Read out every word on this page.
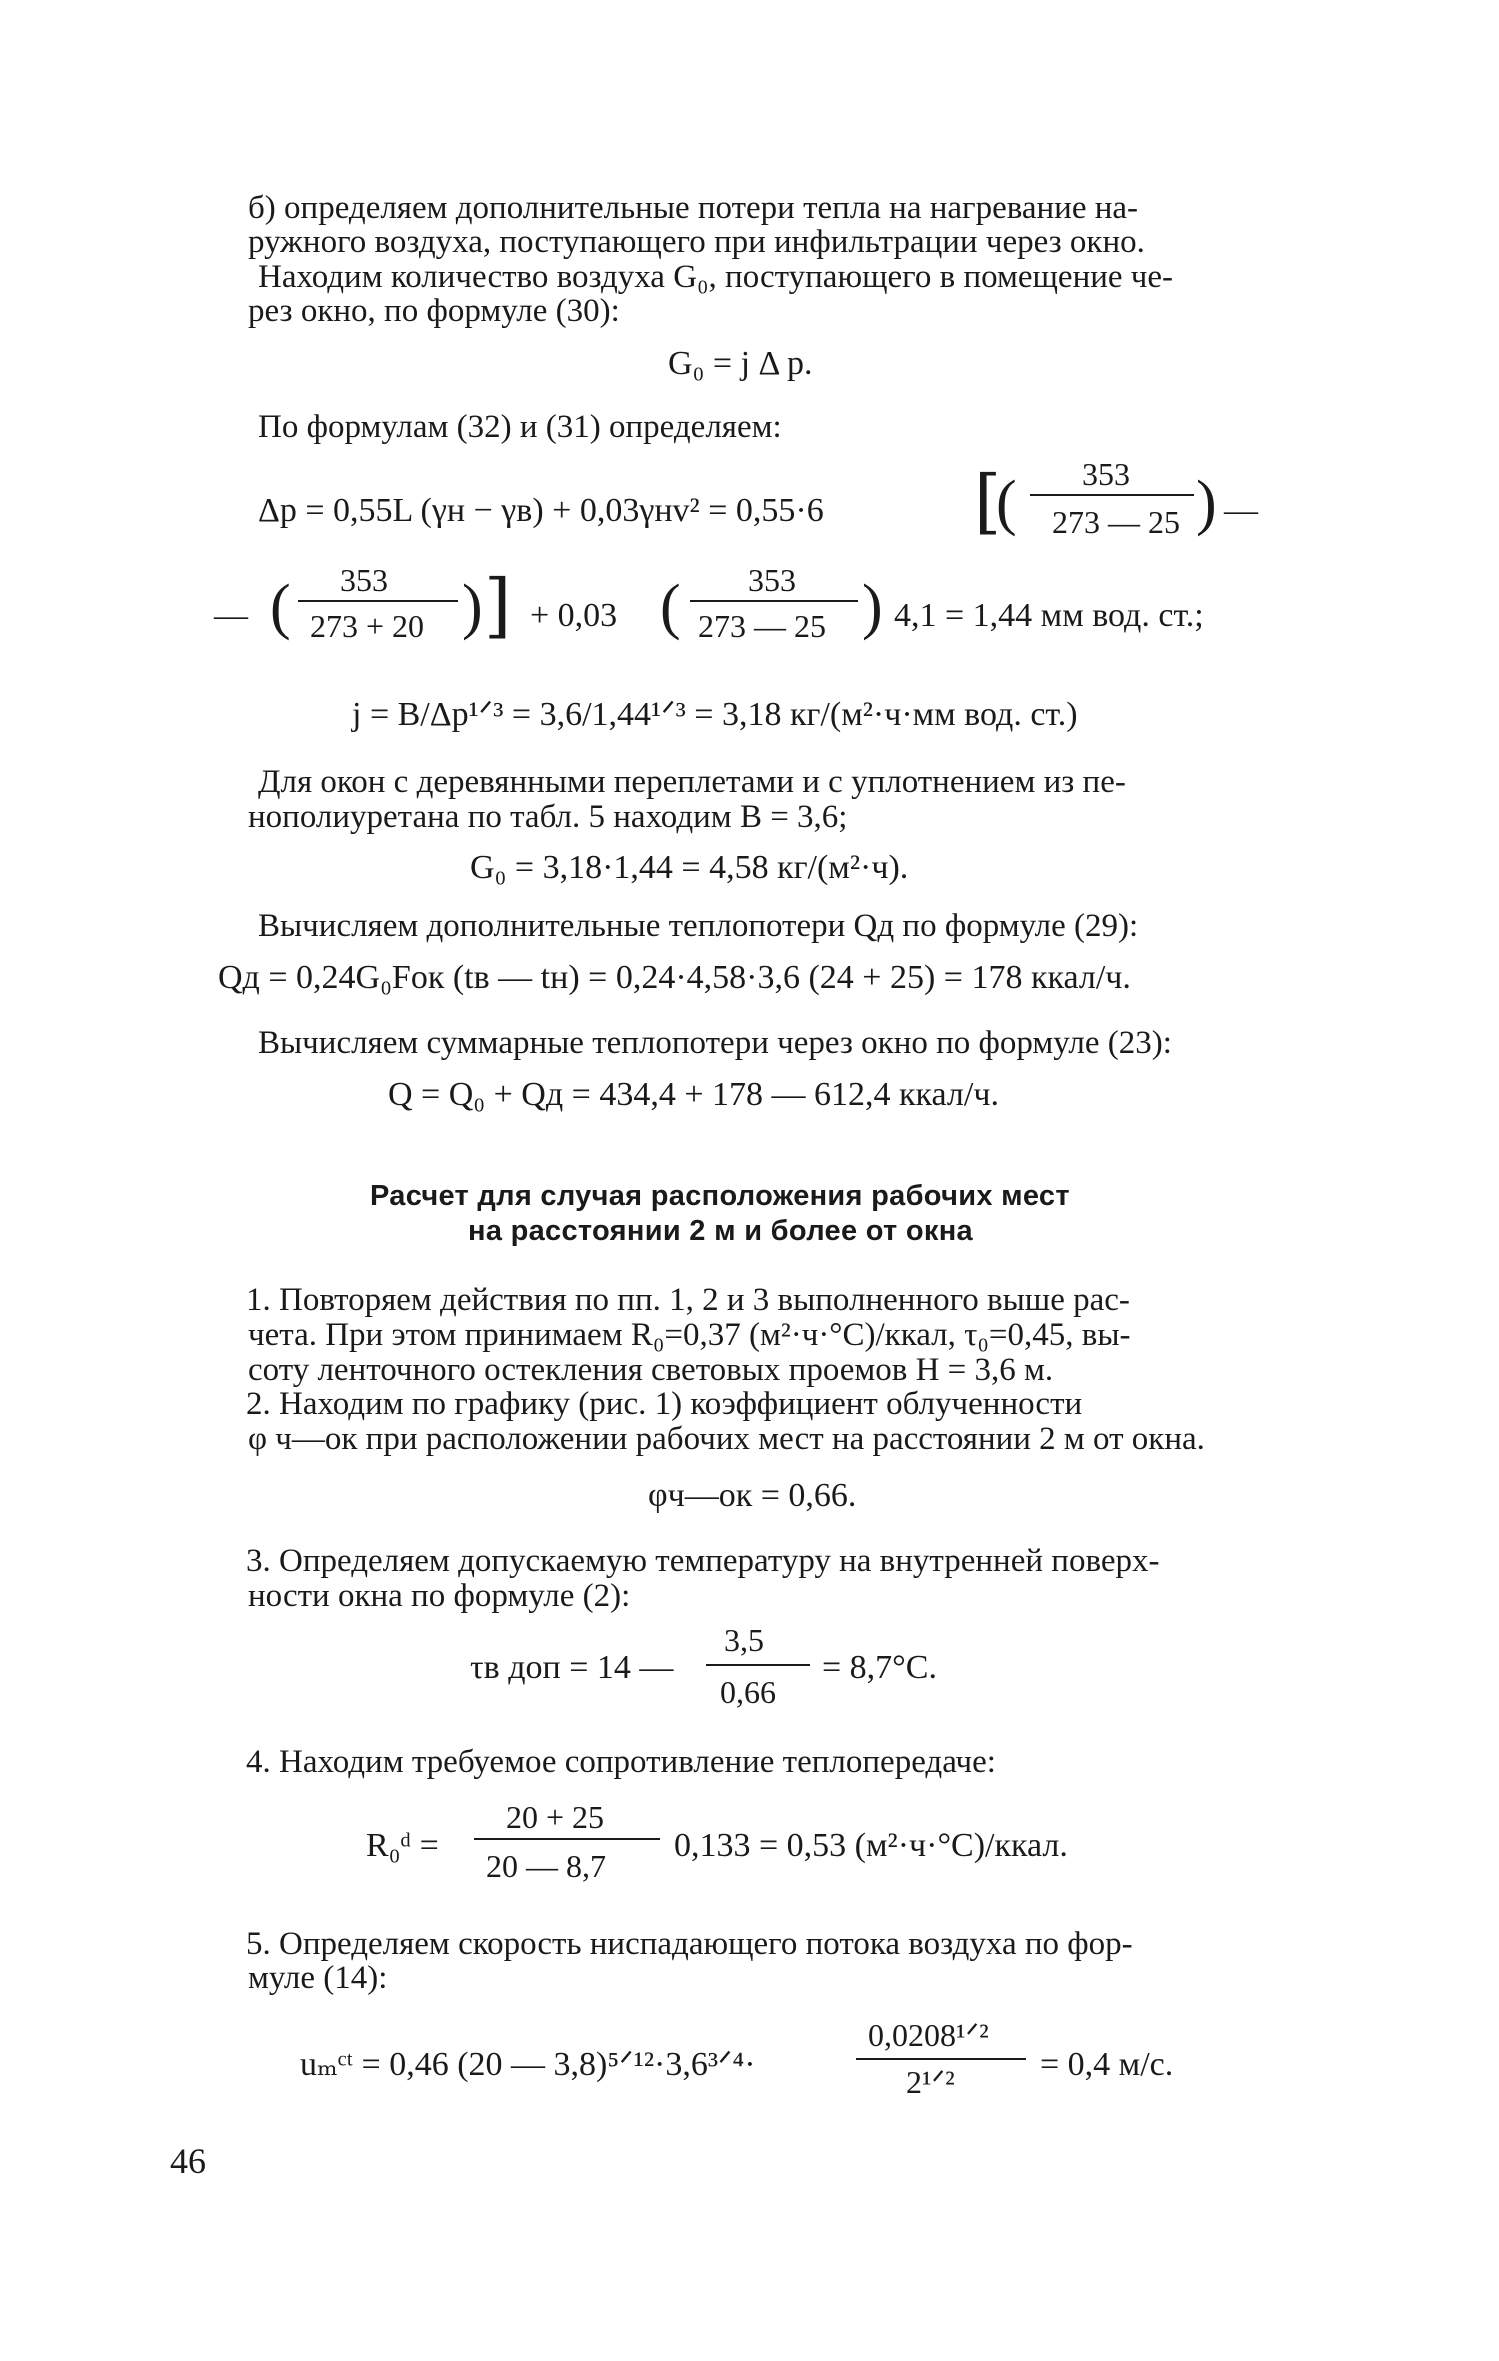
б) определяем дополнительные потери тепла на нагревание на-
ружного воздуха, поступающего при инфильтрации через окно.
Находим количество воздуха G₀, поступающего в помещение че-
рез окно, по формуле (30):
G₀ = j Δ p.
По формулам (32) и (31) определяем:
Δp = 0,55L (γн − γв) + 0,03γнv² = 0,55·6 [
( 353
273 — 25 ) —
— ( 353
273 + 20 ) ] + 0,03 ( 353
273 — 25 ) 4,1 = 1,44 мм вод. ст.;
j = B/Δp¹ᐟ³ = 3,6/1,44¹ᐟ³ = 3,18 кг/(м²·ч·мм вод. ст.)
Для окон с деревянными переплетами и с уплотнением из пе-
нополиуретана по табл. 5 находим B = 3,6;
G₀ = 3,18·1,44 = 4,58 кг/(м²·ч).
Вычисляем дополнительные теплопотери Qд по формуле (29):
Qд = 0,24G₀Fок (tв — tн) = 0,24·4,58·3,6 (24 + 25) = 178 ккал/ч.
Вычисляем суммарные теплопотери через окно по формуле (23):
Q = Q₀ + Qд = 434,4 + 178 — 612,4 ккал/ч.
Расчет для случая расположения рабочих мест
на расстоянии 2 м и более от окна
1. Повторяем действия по пп. 1, 2 и 3 выполненного выше рас-
чета. При этом принимаем R₀=0,37 (м²·ч·°С)/ккал, τ₀=0,45, вы-
соту ленточного остекления световых проемов H = 3,6 м.
2. Находим по графику (рис. 1) коэффициент облученности
φ ч—ок при расположении рабочих мест на расстоянии 2 м от окна.
φч—ок = 0,66.
3. Определяем допускаемую температуру на внутренней поверх-
ности окна по формуле (2):
τв доп = 14 —
3,5
0,66
= 8,7°С.
4. Находим требуемое сопротивление теплопередаче:
R₀ᵈ =
20 + 25
20 — 8,7
0,133 = 0,53 (м²·ч·°С)/ккал.
5. Определяем скорость ниспадающего потока воздуха по фор-
муле (14):
uₘᶜᵗ = 0,46 (20 — 3,8)⁵ᐟ¹²·3,6³ᐟ⁴·
0,0208¹ᐟ²
2¹ᐟ²	= 0,4 м/с.
46
